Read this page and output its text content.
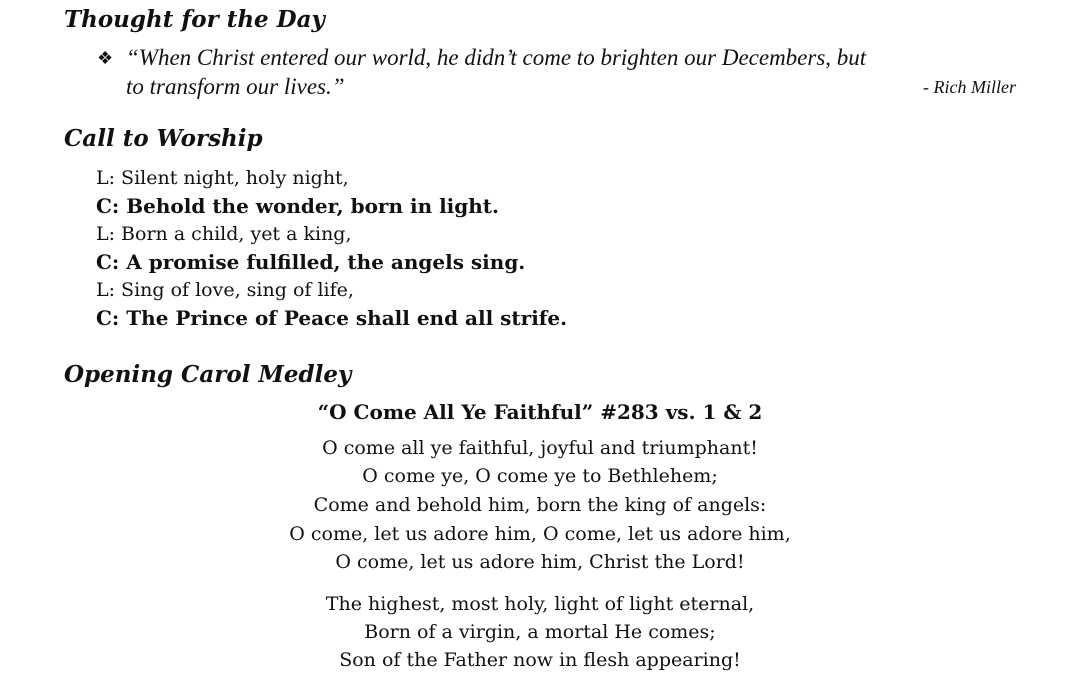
Thought for the Day
❖ “When Christ entered our world, he didn’t come to brighten our Decembers, but
to transform our lives.”	- Rich Miller
Call to Worship
L: Silent night, holy night,
C: Behold the wonder, born in light.
L: Born a child, yet a king,
C: A promise fulfilled, the angels sing.
L: Sing of love, sing of life,
C: The Prince of Peace shall end all strife.
Opening Carol Medley
“O Come All Ye Faithful” #283 vs. 1 & 2
O come all ye faithful, joyful and triumphant!
O come ye, O come ye to Bethlehem;
Come and behold him, born the king of angels:
O come, let us adore him, O come, let us adore him,
O come, let us adore him, Christ the Lord!
The highest, most holy, light of light eternal,
Born of a virgin, a mortal He comes;
Son of the Father now in flesh appearing!
